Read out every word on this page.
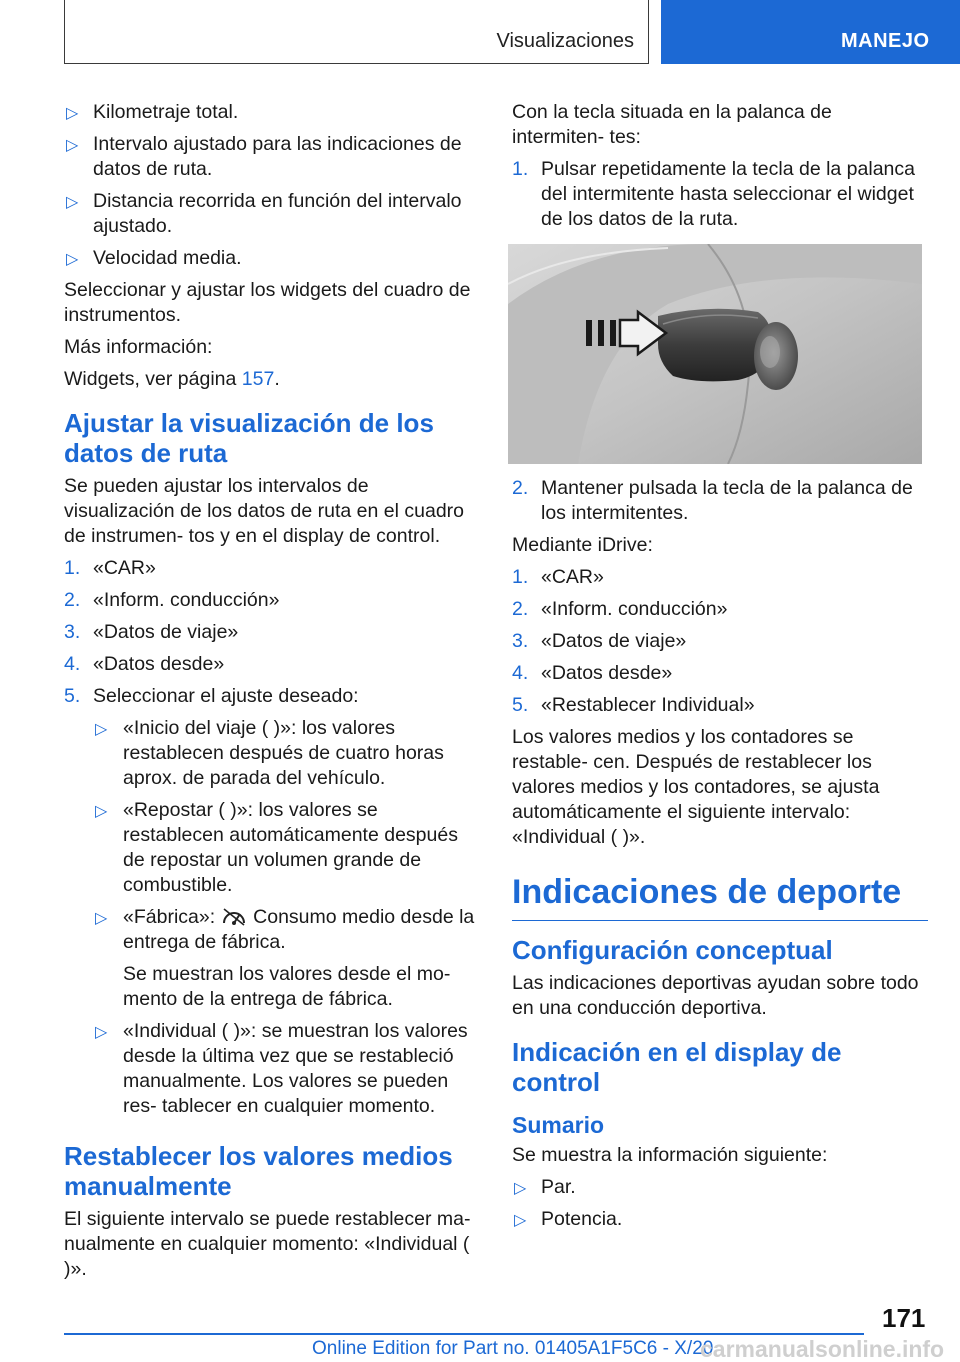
Visualizaciones	MANEJO
▷ Kilometraje total.
▷ Intervalo ajustado para las indicaciones de datos de ruta.
▷ Distancia recorrida en función del intervalo ajustado.
▷ Velocidad media.

Seleccionar y ajustar los widgets del cuadro de instrumentos.

Más información:

Widgets, ver página 157.

Ajustar la visualización de los datos de ruta

Se pueden ajustar los intervalos de visualización de los datos de ruta en el cuadro de instrumen- tos y en el display de control.

1. «CAR»
2. «Inform. conducción»
3. «Datos de viaje»
4. «Datos desde»
5. Seleccionar el ajuste deseado:
▷ «Inicio del viaje ( )»: los valores restablecen después de cuatro horas aprox. de parada del vehículo.
▷ «Repostar ( )»: los valores se restablecen automáticamente después de repostar un volumen grande de combustible.
▷ «Fábrica»: Consumo medio desde la entrega de fábrica.

Se muestran los valores desde el mo- mento de la entrega de fábrica.

▷ «Individual ( )»: se muestran los valores desde la última vez que se restableció manualmente. Los valores se pueden res- tablecer en cualquier momento.
Restablecer los valores medios manualmente

El siguiente intervalo se puede restablecer ma- nualmente en cualquier momento: «Individual ( )».

Con la tecla situada en la palanca de intermiten- tes:

1. Pulsar repetidamente la tecla de la palanca del intermitente hasta seleccionar el widget de los datos de la ruta.
2. Mantener pulsada la tecla de la palanca de los intermitentes.

Mediante iDrive:

1. «CAR»
2. «Inform. conducción»
3. «Datos de viaje»
4. «Datos desde»
5. «Restablecer Individual»

Los valores medios y los contadores se restable- cen. Después de restablecer los valores medios y los contadores, se ajusta automáticamente el siguiente intervalo: «Individual ( )».

Indicaciones de deporte
Configuración conceptual

Las indicaciones deportivas ayudan sobre todo en una conducción deportiva.

Indicación en el display de control
Sumario

Se muestra la información siguiente:

▷ Par.
▷ Potencia.
171
Online Edition for Part no. 01405A1F5C6 - X/20
carmanualsonline.info
